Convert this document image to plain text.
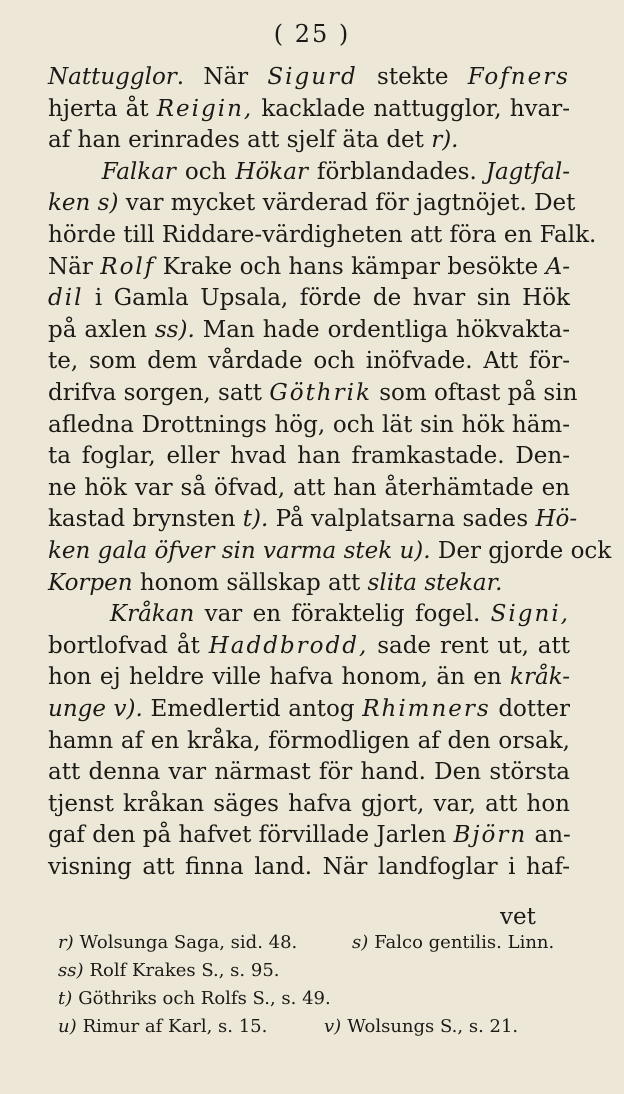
( 25 )
Nattugglor. När Sigurd stekte Fofners
hjerta åt Reigin, kacklade nattugglor, hvar-
af han erinrades att sjelf äta det r).
Falkar och Hökar förblandades. Jagtfal-
ken s) var mycket värderad för jagtnöjet. Det
hörde till Riddare-värdigheten att föra en Falk.
När Rolf Krake och hans kämpar besökte A-
dil i Gamla Upsala, förde de hvar sin Hök
på axlen ss). Man hade ordentliga hökvakta-
te, som dem vårdade och inöfvade. Att för-
drifva sorgen, satt Göthrik som oftast på sin
afledna Drottnings hög, och lät sin hök häm-
ta foglar, eller hvad han framkastade. Den-
ne hök var så öfvad, att han återhämtade en
kastad brynsten t). På valplatsarna sades Hö-
ken gala öfver sin varma stek u). Der gjorde ock
Korpen honom sällskap att slita stekar.
Kråkan var en föraktelig fogel. Signi,
bortlofvad åt Haddbrodd, sade rent ut, att
hon ej heldre ville hafva honom, än en kråk-
unge v). Emedlertid antog Rhimners dotter
hamn af en kråka, förmodligen af den orsak,
att denna var närmast för hand. Den största
tjenst kråkan säges hafva gjort, var, att hon
gaf den på hafvet förvillade Jarlen Björn an-
visning att finna land. När landfoglar i haf-
vet
r) Wolsunga Saga, sid. 48.	s) Falco gentilis. Linn.
ss) Rolf Krakes S., s. 95.
t) Göthriks och Rolfs S., s. 49.
u) Rimur af Karl, s. 15.	v) Wolsungs S., s. 21.
